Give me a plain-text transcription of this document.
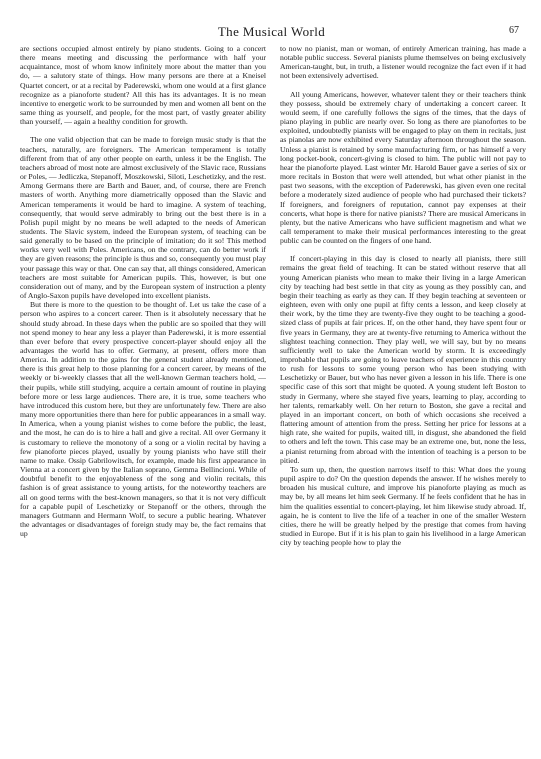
The Musical World	67

are sections occupied almost entirely by piano students. Going to a concert there means meeting and discussing the performance with half your acquaintance, most of whom know infinitely more about the matter than you do, — a salutory state of things. How many persons are there at a Kneisel Quartet concert, or at a recital by Paderewski, whom one would at a first glance recognize as a pianoforte student? All this has its advantages. It is no mean incentive to energetic work to be surrounded by men and women all bent on the same thing as yourself, and people, for the most part, of vastly greater ability than yourself, — again a healthy condition for growth.

The one valid objection that can be made to foreign music study is that the teachers, naturally, are foreigners. The American temperament is totally different from that of any other people on earth, unless it be the English. The teachers abroad of most note are almost exclusively of the Slavic race, Russians or Poles, — Jedliczka, Stepanoff, Moszkowski, Siloti, Leschetizky, and the rest. Among Germans there are Barth and Bauer, and, of course, there are French masters of worth. Anything more diametrically opposed than the Slavic and American temperaments it would be hard to imagine. A system of teaching, consequently, that would serve admirably to bring out the best there is in a Polish pupil might by no means be well adapted to the needs of American students. The Slavic system, indeed the European system, of teaching can be said generally to be based on the principle of imitation; do it so! This method works very well with Poles. Americans, on the contrary, can do better work if they are given reasons; the principle is thus and so, consequently you must play your passage this way or that. One can say that, all things considered, American teachers are most suitable for American pupils. This, however, is but one consideration out of many, and by the European system of instruction a plenty of Anglo-Saxon pupils have developed into excellent pianists.

But there is more to the question to be thought of. Let us take the case of a person who aspires to a concert career. Then is it absolutely necessary that he should study abroad. In these days when the public are so spoiled that they will not spend money to hear any less a player than Paderewski, it is more essential than ever before that every prospective concert-player should enjoy all the advantages the world has to offer. Germany, at present, offers more than America. In addition to the gains for the general student already mentioned, there is this great help to those planning for a concert career, by means of the weekly or bi-weekly classes that all the well-known German teachers hold, — their pupils, while still studying, acquire a certain amount of routine in playing before more or less large audiences. There are, it is true, some teachers who have introduced this custom here, but they are unfortunately few. There are also many more opportunities there than here for public appearances in a small way. In America, when a young pianist wishes to come before the public, the least, and the most, he can do is to hire a hall and give a recital. All over Germany it is customary to relieve the monotony of a song or a violin recital by having a few pianoforte pieces played, usually by young pianists who have still their name to make. Ossip Gabrilowitsch, for example, made his first appearance in Vienna at a concert given by the Italian soprano, Gemma Bellincioni. While of doubtful benefit to the enjoyableness of the song and violin recitals, this fashion is of great assistance to young artists, for the noteworthy teachers are all on good terms with the best-known managers, so that it is not very difficult for a capable pupil of Leschetizky or Stepanoff or the others, through the managers Gutmann and Hermann Wolf, to secure a public hearing. Whatever the advantages or disadvantages of foreign study may be, the fact remains that up

to now no pianist, man or woman, of entirely American training, has made a notable public success. Several pianists plume themselves on being exclusively American-taught, but, in truth, a listener would recognize the fact even if it had not been extensively advertised.

All young Americans, however, whatever talent they or their teachers think they possess, should be extremely chary of undertaking a concert career. It would seem, if one carefully follows the signs of the times, that the days of piano playing in public are nearly over. So long as there are pianofortes to be exploited, undoubtedly pianists will be engaged to play on them in recitals, just as pianolas are now exhibited every Saturday afternoon throughout the season. Unless a pianist is retained by some manufacturing firm, or has himself a very long pocket-book, concert-giving is closed to him. The public will not pay to hear the pianoforte played. Last winter Mr. Harold Bauer gave a series of six or more recitals in Boston that were well attended, but what other pianist in the past two seasons, with the exception of Paderewski, has given even one recital before a moderately sized audience of people who had purchased their tickets? If foreigners, and foreigners of reputation, cannot pay expenses at their concerts, what hope is there for native pianists? There are musical Americans in plenty, but the native Americans who have sufficient magnetism and what we call temperament to make their musical performances interesting to the great public can be counted on the fingers of one hand.

If concert-playing in this day is closed to nearly all pianists, there still remains the great field of teaching. It can be stated without reserve that all young American pianists who mean to make their living in a large American city by teaching had best settle in that city as young as they possibly can, and begin their teaching as early as they can. If they begin teaching at seventeen or eighteen, even with only one pupil at fifty cents a lesson, and keep closely at their work, by the time they are twenty-five they ought to be teaching a good-sized class of pupils at fair prices. If, on the other hand, they have spent four or five years in Germany, they are at twenty-five returning to America without the slightest teaching connection. They play well, we will say, but by no means sufficiently well to take the American world by storm. It is exceedingly improbable that pupils are going to leave teachers of experience in this country to rush for lessons to some young person who has been studying with Leschetizky or Bauer, but who has never given a lesson in his life. There is one specific case of this sort that might be quoted. A young student left Boston to study in Germany, where she stayed five years, learning to play, according to her talents, remarkably well. On her return to Boston, she gave a recital and played in an important concert, on both of which occasions she received a flattering amount of attention from the press. Setting her price for lessons at a high rate, she waited for pupils, waited till, in disgust, she abandoned the field to others and left the town. This case may be an extreme one, but, none the less, a pianist returning from abroad with the intention of teaching is a person to be pitied.

To sum up, then, the question narrows itself to this: What does the young pupil aspire to do? On the question depends the answer. If he wishes merely to broaden his musical culture, and improve his pianoforte playing as much as may be, by all means let him seek Germany. If he feels confident that he has in him the qualities essential to concert-playing, let him likewise study abroad. If, again, he is content to live the life of a teacher in one of the smaller Western cities, there he will be greatly helped by the prestige that comes from having studied in Europe. But if it is his plan to gain his livelihood in a large American city by teaching people how to play the
